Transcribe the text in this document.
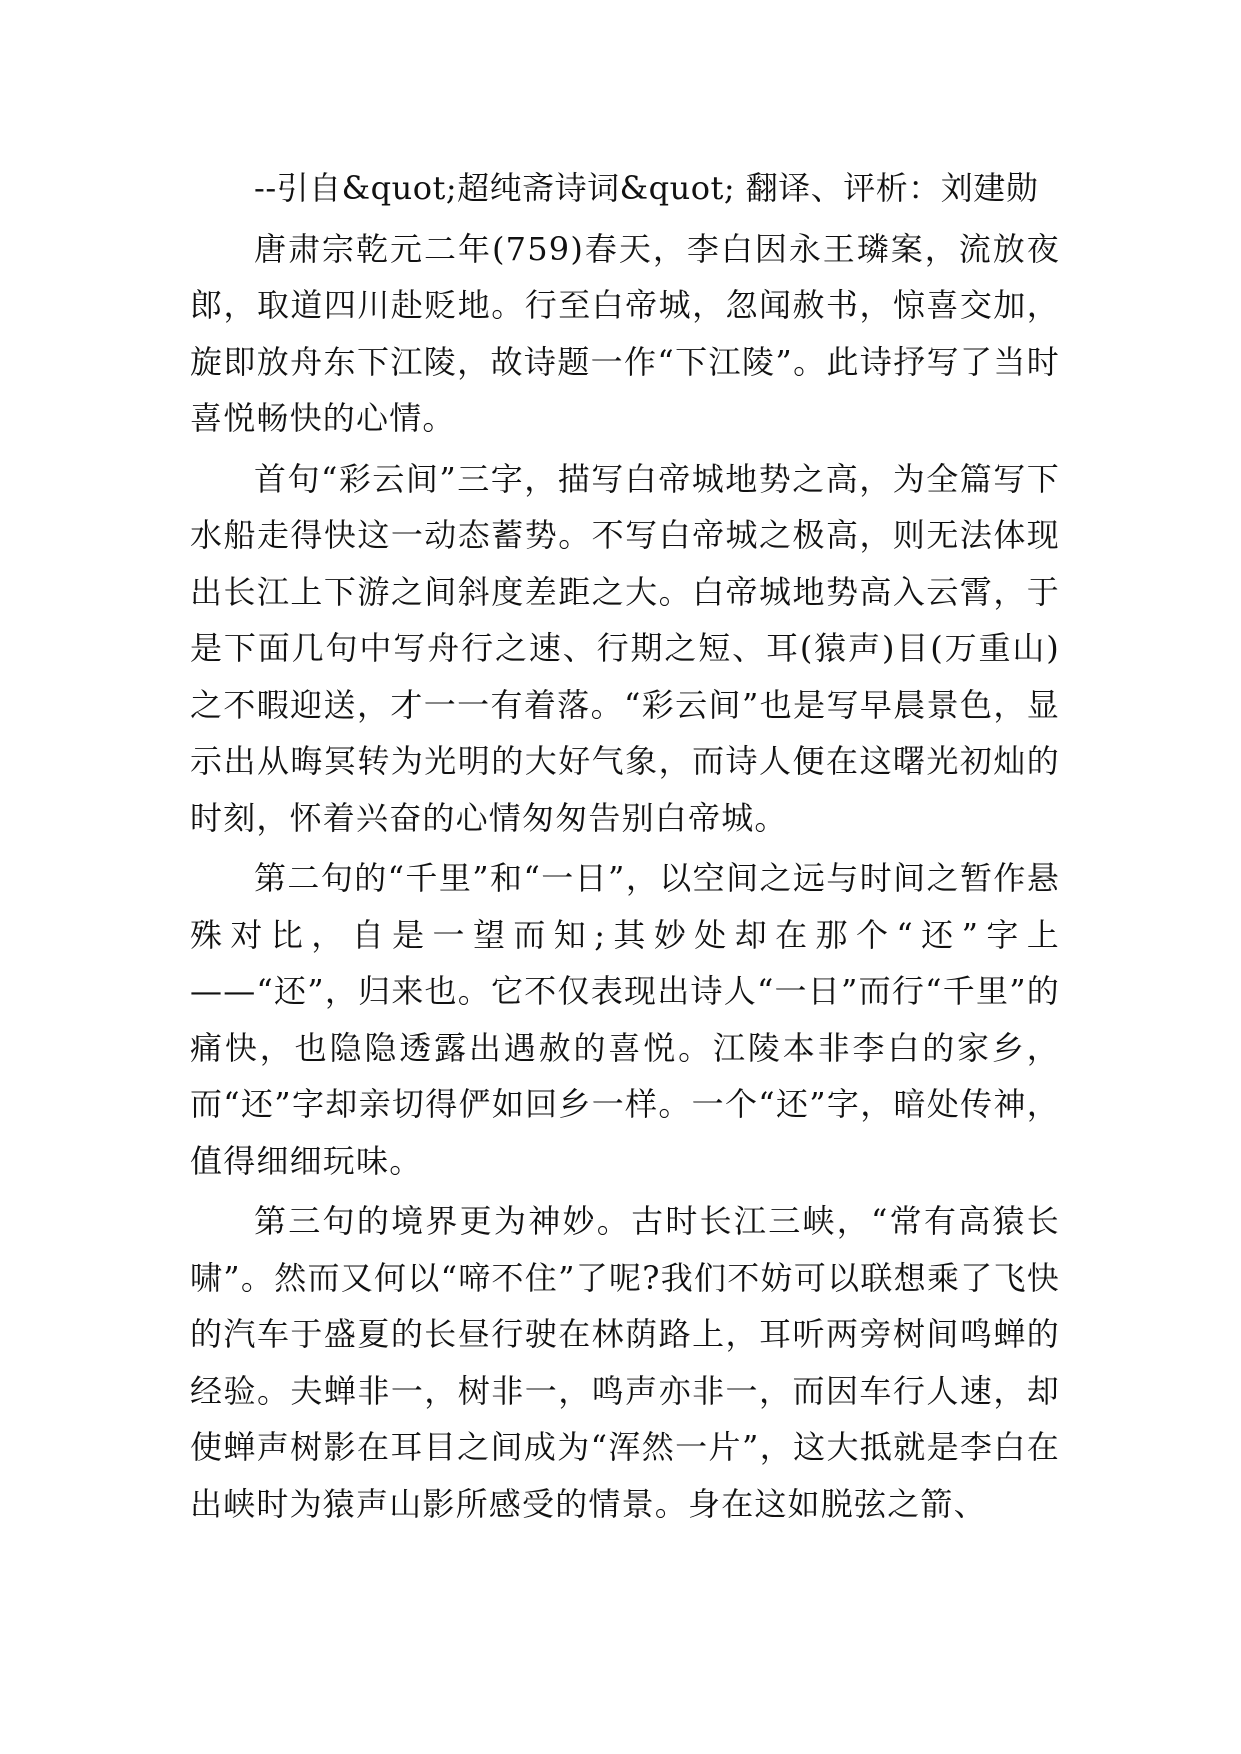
--引自&quot;超纯斋诗词&quot; 翻译、评析：刘建勋

唐肃宗乾元二年(759)春天，李白因永王璘案，流放夜郎，取道四川赴贬地。行至白帝城，忽闻赦书，惊喜交加，旋即放舟东下江陵，故诗题一作“下江陵”。此诗抒写了当时喜悦畅快的心情。

首句“彩云间”三字，描写白帝城地势之高，为全篇写下水船走得快这一动态蓄势。不写白帝城之极高，则无法体现出长江上下游之间斜度差距之大。白帝城地势高入云霄，于是下面几句中写舟行之速、行期之短、耳(猿声)目(万重山)之不暇迎送，才一一有着落。“彩云间”也是写早晨景色，显示出从晦冥转为光明的大好气象，而诗人便在这曙光初灿的时刻，怀着兴奋的心情匆匆告别白帝城。

第二句的“千里”和“一日”，以空间之远与时间之暂作悬殊对比，自是一望而知;其妙处却在那个“还”字上——“还”，归来也。它不仅表现出诗人“一日”而行“千里”的痛快，也隐隐透露出遇赦的喜悦。江陵本非李白的家乡，而“还”字却亲切得俨如回乡一样。一个“还”字，暗处传神，值得细细玩味。

第三句的境界更为神妙。古时长江三峡，“常有高猿长啸”。然而又何以“啼不住”了呢?我们不妨可以联想乘了飞快的汽车于盛夏的长昼行驶在林荫路上，耳听两旁树间鸣蝉的经验。夫蝉非一，树非一，鸣声亦非一，而因车行人速，却使蝉声树影在耳目之间成为“浑然一片”，这大抵就是李白在出峡时为猿声山影所感受的情景。身在这如脱弦之箭、
